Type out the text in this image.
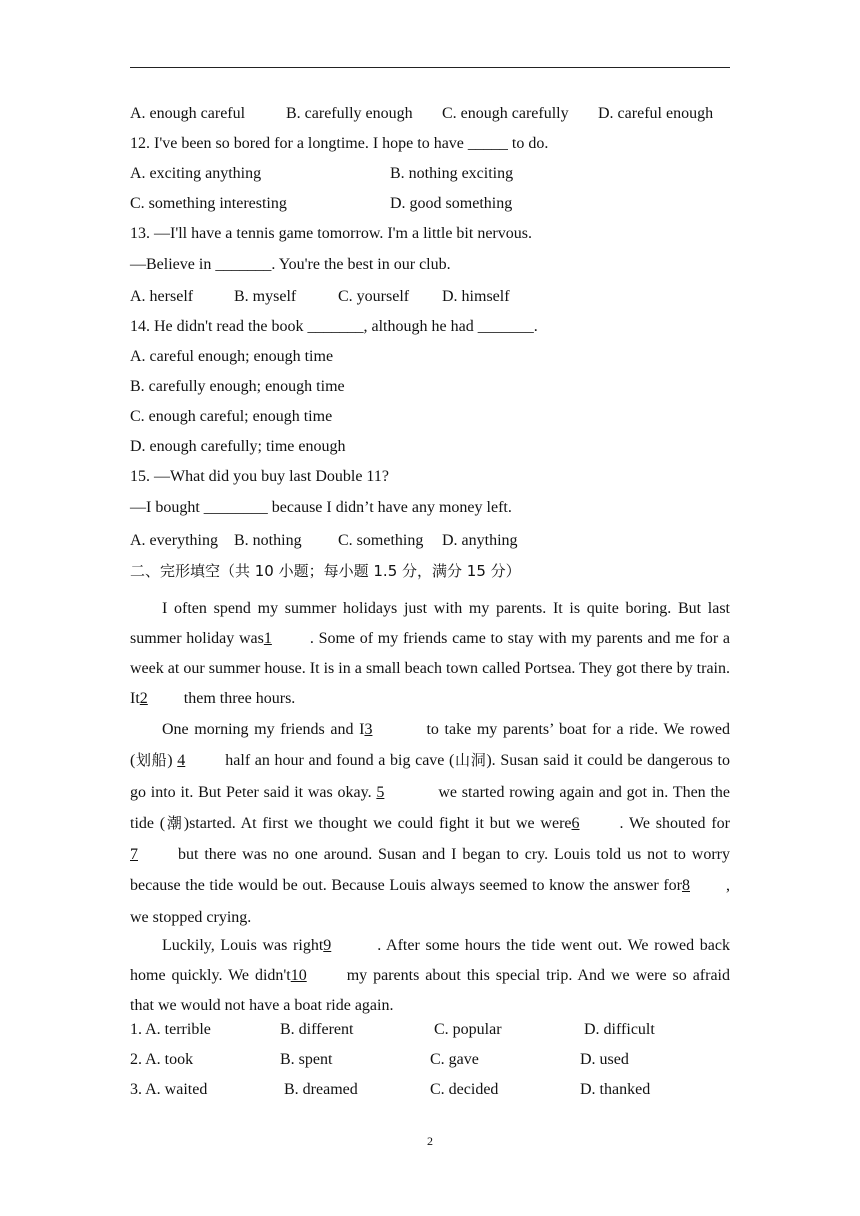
A. enough careful	B. carefully enough C. enough carefully D. careful enough
12. I've been so bored for a longtime. I hope to have _____ to do.
A. exciting anything	B. nothing exciting
C. something interesting	D. good something
13. —I'll have a tennis game tomorrow. I'm a little bit nervous.
—Believe in _______. You're the best in our club.
A. herself	B. myself	C. yourself D. himself
14. He didn't read the book _______, although he had _______.
A. careful enough; enough time
B. carefully enough; enough time
C. enough careful; enough time
D. enough carefully; time enough
15. —What did you buy last Double 11?
—I bought ________ because I didn’t have any money left.
A. everything B. nothing C. something D. anything
二、完形填空（共 10 小题；每小题 1.5 分，满分 15 分）
I often spend my summer holidays just with my parents. It is quite boring. But last summer holiday was1 . Some of my friends came to stay with my parents and me for a week at our summer house. It is in a small beach town called Portsea. They got there by train. It2 them three hours.
One morning my friends and I3	to take my parents’ boat for a ride. We rowed (划船) 4	half an hour and found a big cave (山洞). Susan said it could be dangerous to go into it. But Peter said it was okay. 5	we started rowing again and got in. Then the tide (潮)started. At first we thought we could fight it but we were6	. We shouted for7	but there was no one around. Susan and I began to cry. Louis told us not to worry because the tide would be out. Because Louis always seemed to know the answer for8 , we stopped crying.
Luckily, Louis was right9	. After some hours the tide went out. We rowed back home quickly. We didn't10	my parents about this special trip. And we were so afraid that we would not have a boat ride again.
1. A. terrible	B. different	C. popular	D. difficult
2. A. took	B. spent	C. gave	D. used
3. A. waited	B. dreamed	C. decided	D. thanked
2
